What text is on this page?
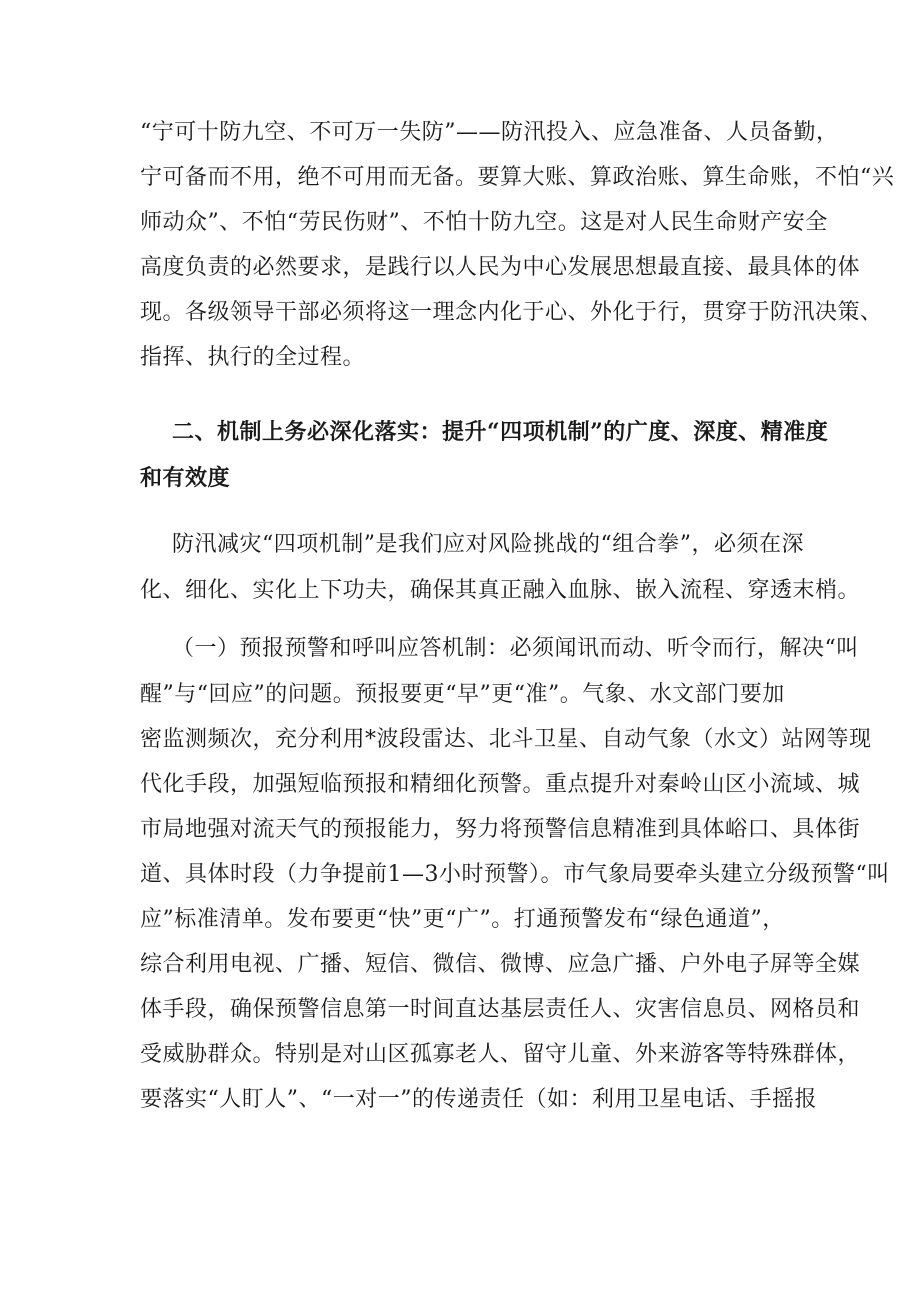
“宁可十防九空、不可万一失防”——防汛投入、应急准备、人员备勤，
宁可备而不用，绝不可用而无备。要算大账、算政治账、算生命账，不怕“兴
师动众”、不怕“劳民伤财”、不怕十防九空。这是对人民生命财产安全
高度负责的必然要求，是践行以人民为中心发展思想最直接、最具体的体
现。各级领导干部必须将这一理念内化于心、外化于行，贯穿于防汛决策、
指挥、执行的全过程。
二、机制上务必深化落实：提升“四项机制”的广度、深度、精准度
和有效度
防汛减灾“四项机制”是我们应对风险挑战的“组合拳”，必须在深
化、细化、实化上下功夫，确保其真正融入血脉、嵌入流程、穿透末梢。
（一）预报预警和呼叫应答机制：必须闻讯而动、听令而行，解决“叫
醒”与“回应”的问题。预报要更“早”更“准”。气象、水文部门要加
密监测频次，充分利用*波段雷达、北斗卫星、自动气象（水文）站网等现
代化手段，加强短临预报和精细化预警。重点提升对秦岭山区小流域、城
市局地强对流天气的预报能力，努力将预警信息精准到具体峪口、具体街
道、具体时段（力争提前1—3小时预警）。市气象局要牵头建立分级预警“叫
应”标准清单。发布要更“快”更“广”。打通预警发布“绿色通道”，
综合利用电视、广播、短信、微信、微博、应急广播、户外电子屏等全媒
体手段，确保预警信息第一时间直达基层责任人、灾害信息员、网格员和
受威胁群众。特别是对山区孤寡老人、留守儿童、外来游客等特殊群体，
要落实“人盯人”、“一对一”的传递责任（如：利用卫星电话、手摇报
